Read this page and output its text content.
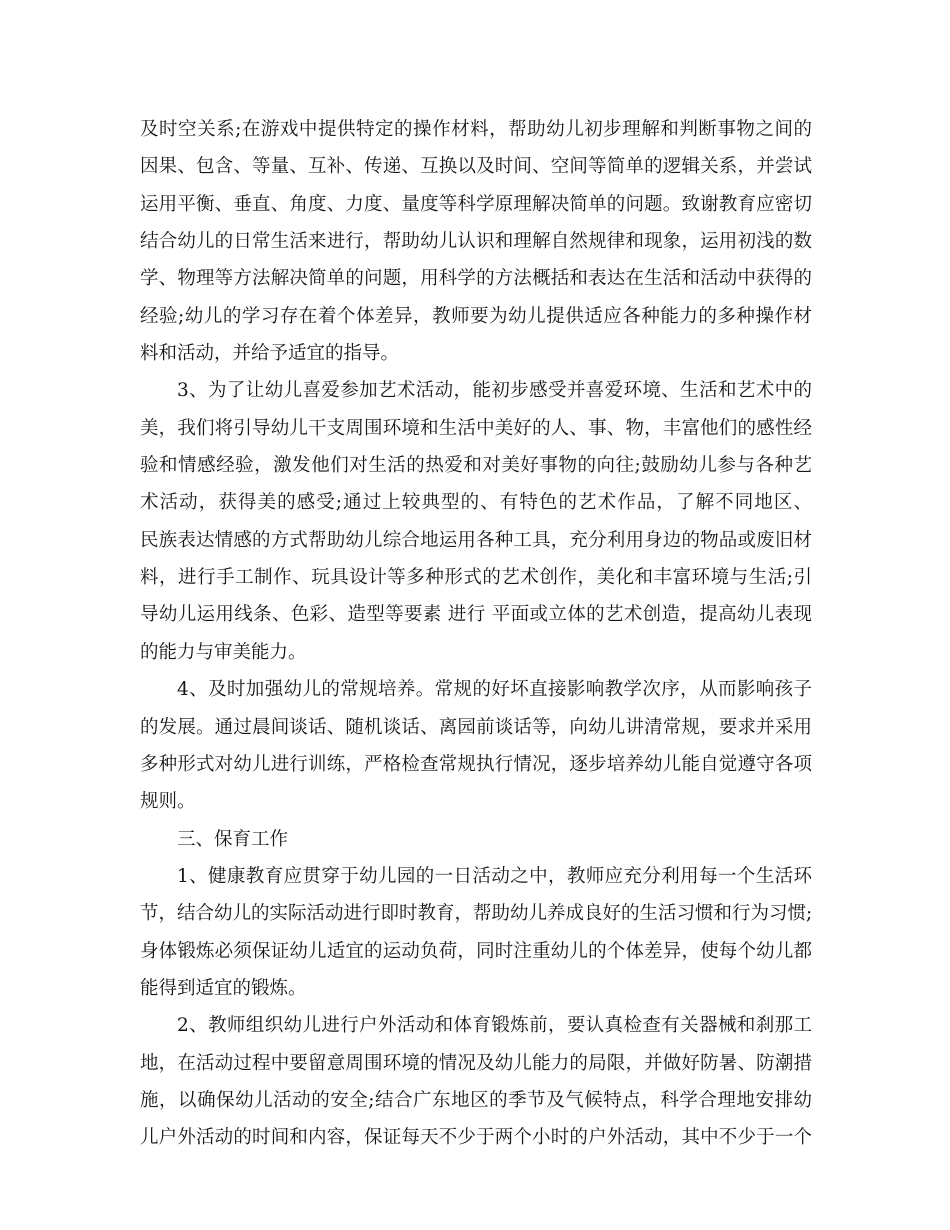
及时空关系;在游戏中提供特定的操作材料，帮助幼儿初步理解和判断事物之间的
因果、包含、等量、互补、传递、互换以及时间、空间等简单的逻辑关系，并尝试
运用平衡、垂直、角度、力度、量度等科学原理解决简单的问题。致谢教育应密切
结合幼儿的日常生活来进行，帮助幼儿认识和理解自然规律和现象，运用初浅的数
学、物理等方法解决简单的问题，用科学的方法概括和表达在生活和活动中获得的
经验;幼儿的学习存在着个体差异，教师要为幼儿提供适应各种能力的多种操作材
料和活动，并给予适宜的指导。
3、为了让幼儿喜爱参加艺术活动，能初步感受并喜爱环境、生活和艺术中的
美，我们将引导幼儿干支周围环境和生活中美好的人、事、物，丰富他们的感性经
验和情感经验，激发他们对生活的热爱和对美好事物的向往;鼓励幼儿参与各种艺
术活动，获得美的感受;通过上较典型的、有特色的艺术作品，了解不同地区、
民族表达情感的方式帮助幼儿综合地运用各种工具，充分利用身边的物品或废旧材
料，进行手工制作、玩具设计等多种形式的艺术创作，美化和丰富环境与生活;引
导幼儿运用线条、色彩、造型等要素 进行 平面或立体的艺术创造，提高幼儿表现
的能力与审美能力。
4、及时加强幼儿的常规培养。常规的好坏直接影响教学次序，从而影响孩子
的发展。通过晨间谈话、随机谈话、离园前谈话等，向幼儿讲清常规，要求并采用
多种形式对幼儿进行训练，严格检查常规执行情况，逐步培养幼儿能自觉遵守各项
规则。
三、保育工作
1、健康教育应贯穿于幼儿园的一日活动之中，教师应充分利用每一个生活环
节，结合幼儿的实际活动进行即时教育，帮助幼儿养成良好的生活习惯和行为习惯;
身体锻炼必须保证幼儿适宜的运动负荷，同时注重幼儿的个体差异，使每个幼儿都
能得到适宜的锻炼。
2、教师组织幼儿进行户外活动和体育锻炼前，要认真检查有关器械和刹那工
地，在活动过程中要留意周围环境的情况及幼儿能力的局限，并做好防暑、防潮措
施，以确保幼儿活动的安全;结合广东地区的季节及气候特点，科学合理地安排幼
儿户外活动的时间和内容，保证每天不少于两个小时的户外活动，其中不少于一个
